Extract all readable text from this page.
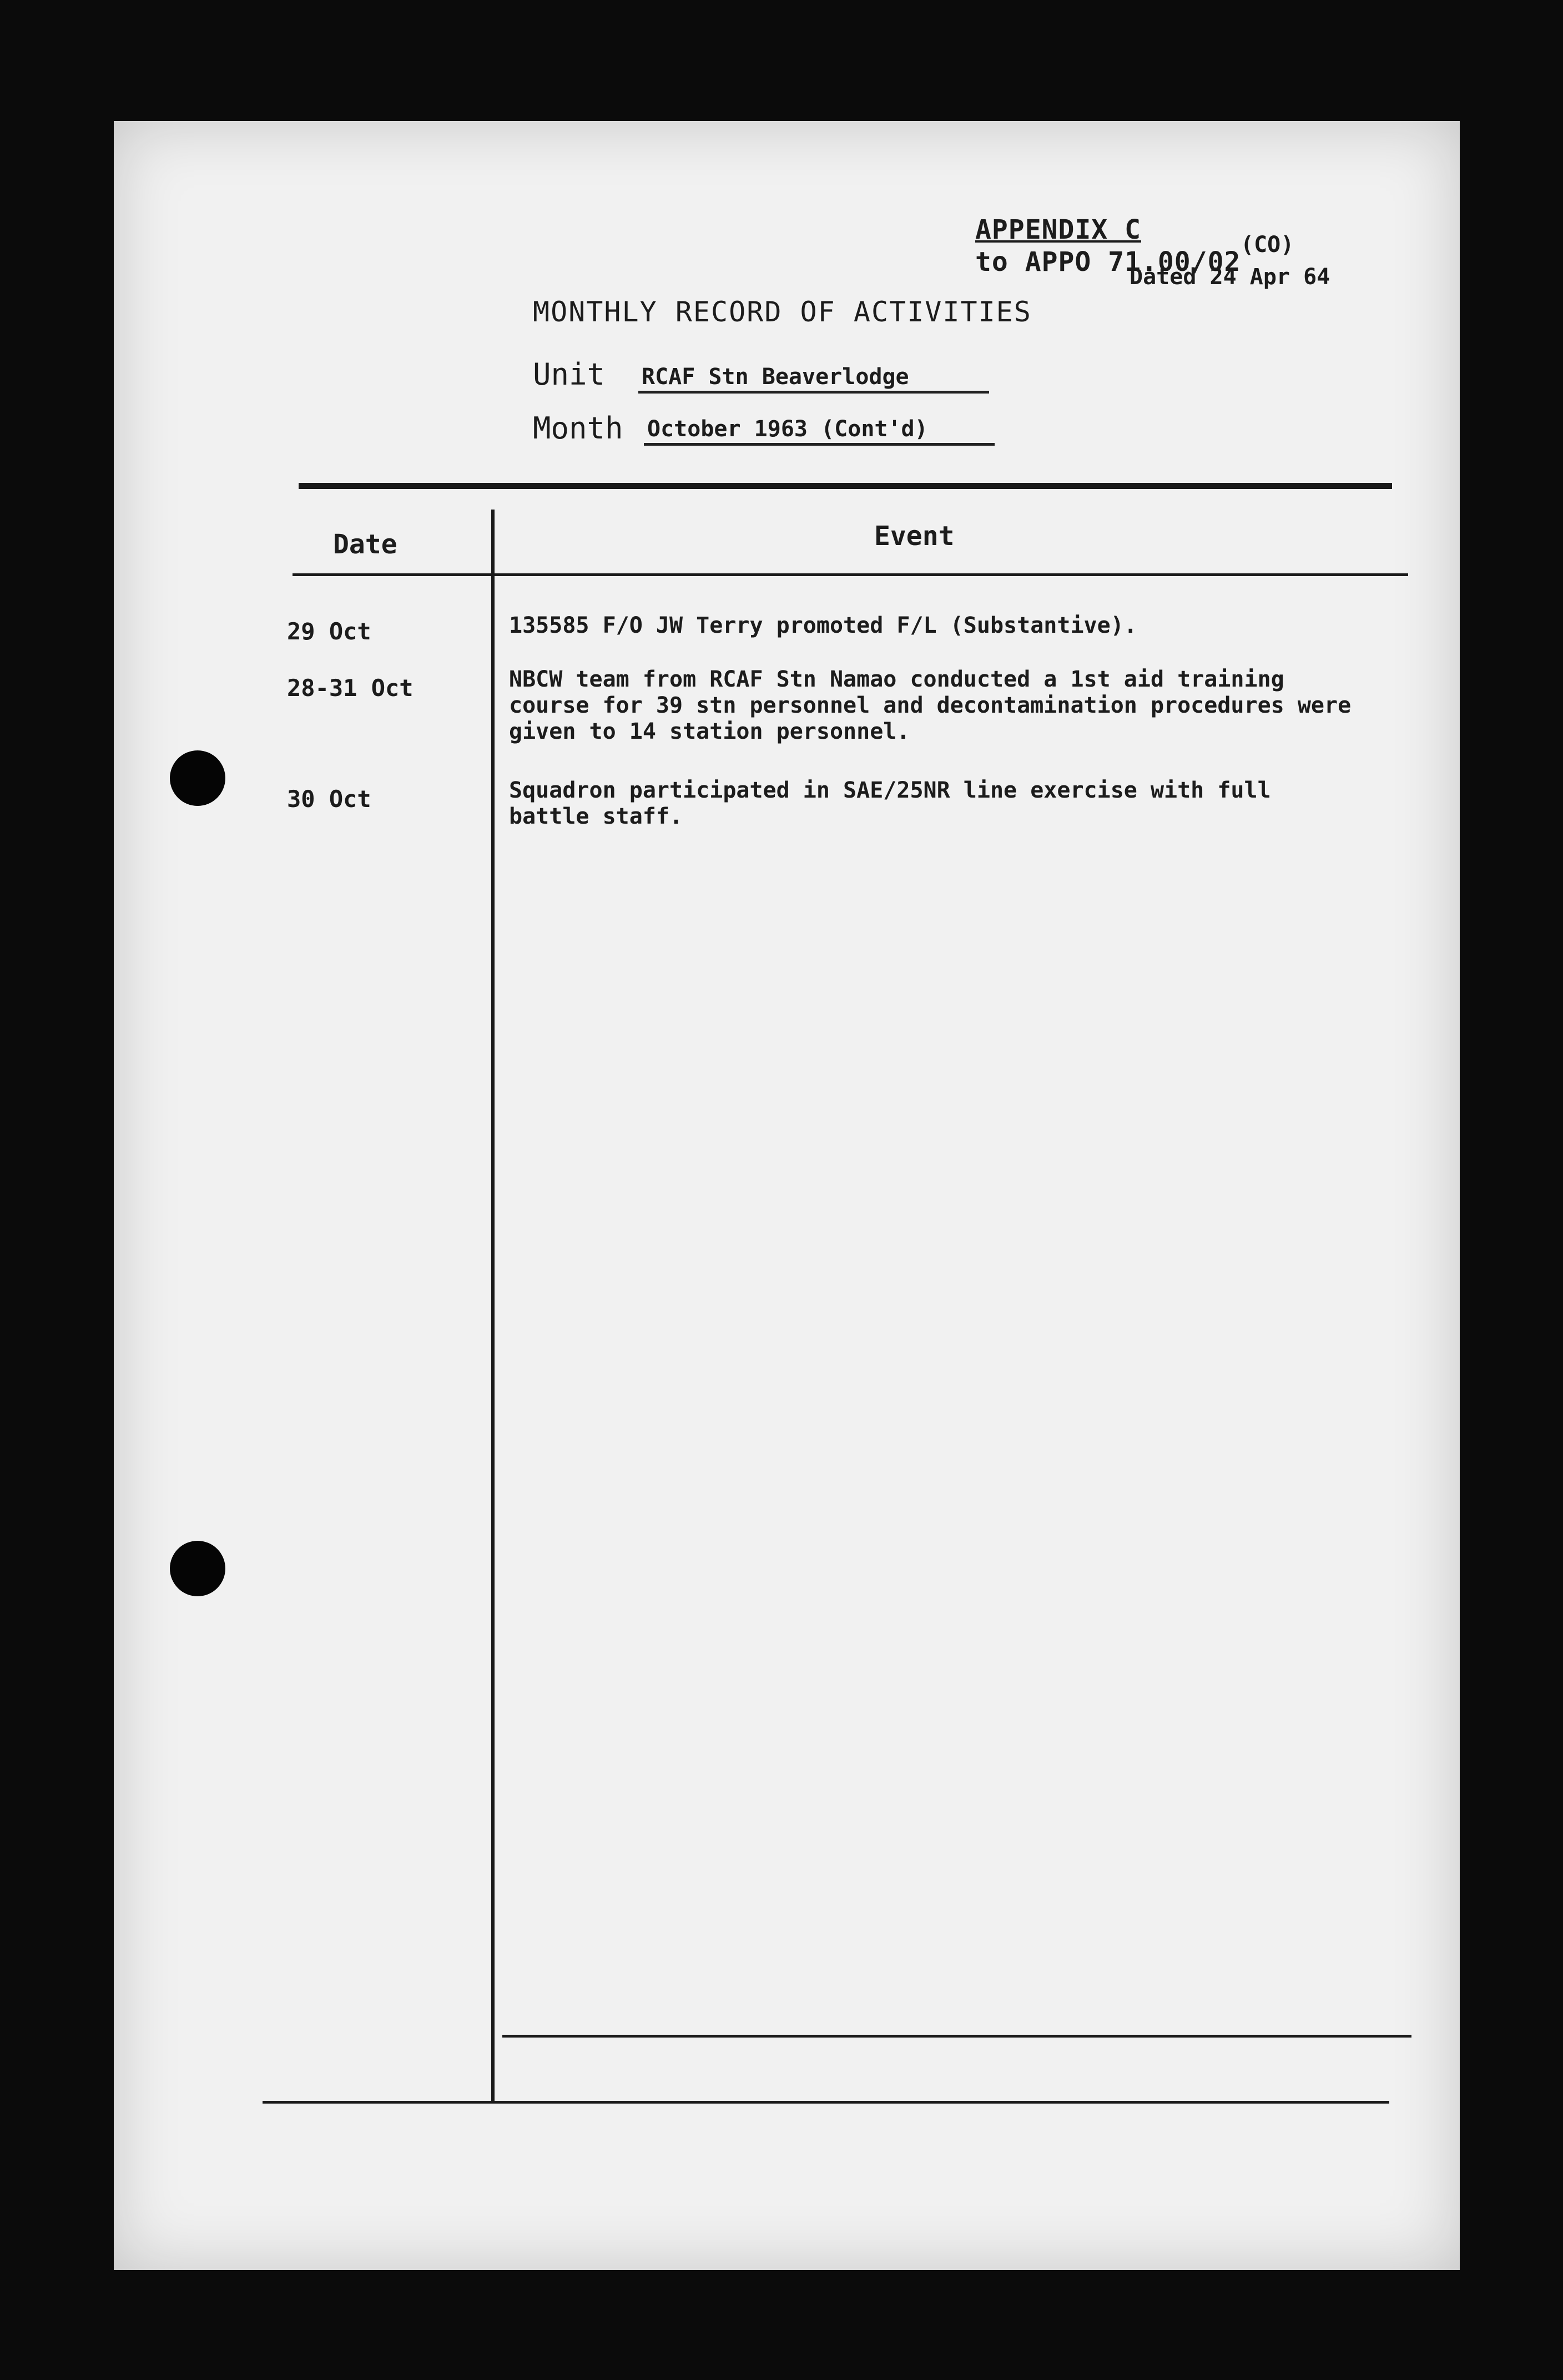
APPENDIX C
to APPO 71.00/02
(CO)
Dated 24 Apr 64
MONTHLY RECORD OF ACTIVITIES
Unit RCAF Stn Beaverlodge
Month October 1963 (Cont'd)
Date	Event
29 Oct	135585 F/O JW Terry promoted F/L (Substantive).
28-31 Oct	NBCW team from RCAF Stn Namao conducted a 1st aid training course for 39 stn personnel and decontamination procedures were given to 14 station personnel.
30 Oct	Squadron participated in SAE/25NR line exercise with full battle staff.
